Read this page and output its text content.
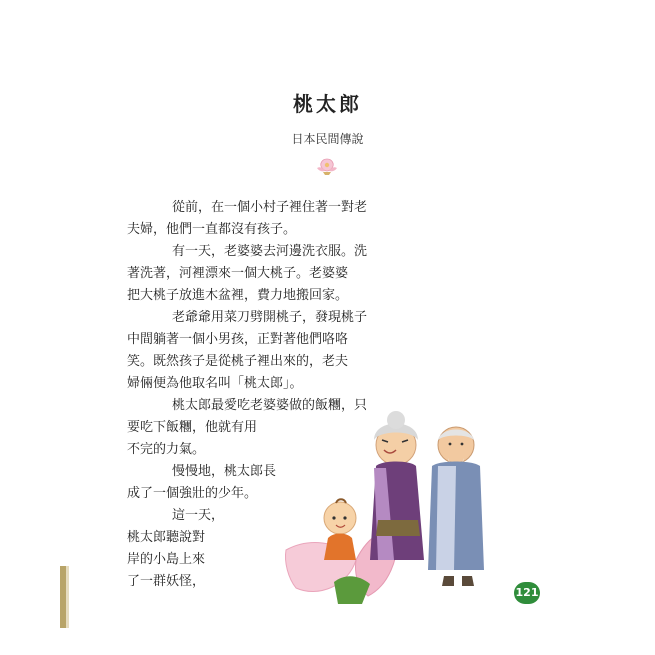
桃太郎
日本民間傳說
從前，在一個小村子裡住著一對老
夫婦，他們一直都沒有孩子。
有一天，老婆婆去河邊洗衣服。洗
著洗著，河裡漂來一個大桃子。老婆婆
把大桃子放進木盆裡，費力地搬回家。
老爺爺用菜刀劈開桃子，發現桃子
中間躺著一個小男孩，正對著他們咯咯
笑。既然孩子是從桃子裡出來的，老夫
婦倆便為他取名叫「桃太郎」。
桃太郎最愛吃老婆婆做的飯糰，只
要吃下飯糰，他就有用
不完的力氣。
慢慢地，桃太郎長
成了一個強壯的少年。
這一天，
桃太郎聽說對
岸的小島上來
了一群妖怪，
121
